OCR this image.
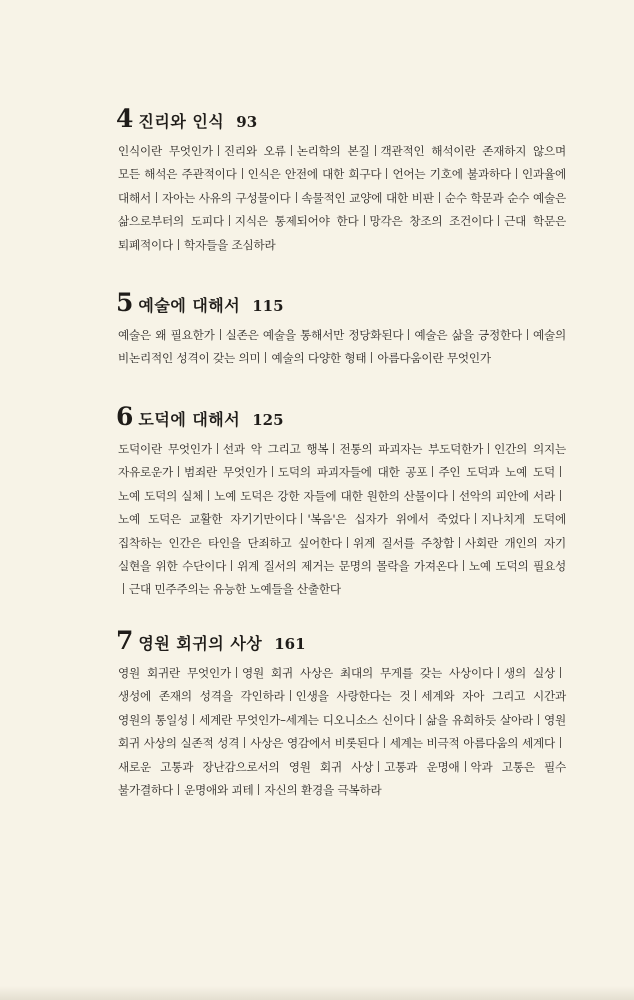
4 진리와 인식 93

인식이란 무엇인가 진리와 오류 논리학의 본질 객관적인 해석이란 존재하지 않으며 모든 해석은 주관적이다 인식은 안전에 대한 희구다 언어는 기호에 불과하다 인과율에 대해서 자아는 사유의 구성물이다 속물적인 교양에 대한 비판 순수 학문과 순수 예술은 삶으로부터의 도피다 지식은 통제되어야 한다 망각은 창조의 조건이다 근대 학문은 퇴폐적이다 학자들을 조심하라

5 예술에 대해서 115

예술은 왜 필요한가 실존은 예술을 통해서만 정당화된다 예술은 삶을 긍정한다 예술의 비논리적인 성격이 갖는 의미 예술의 다양한 형태 아름다움이란 무엇인가

6 도덕에 대해서 125

도덕이란 무엇인가 선과 악 그리고 행복 전통의 파괴자는 부도덕한가 인간의 의지는 자유로운가 범죄란 무엇인가 도덕의 파괴자들에 대한 공포 주인 도덕과 노예 도덕노예 도덕의 실체 노예 도덕은 강한 자들에 대한 원한의 산물이다 선악의 피안에 서라노예 도덕은 교활한 자기기만이다 '복음'은 십자가 위에서 죽었다 지나치게 도덕에 집착하는 인간은 타인을 단죄하고 싶어한다 위계 질서를 주창함 사회란 개인의 자기 실현을 위한 수단이다 위계 질서의 제거는 문명의 몰락을 가져온다 노예 도덕의 필요성근대 민주주의는 유능한 노예들을 산출한다

7 영원 회귀의 사상 161

영원 회귀란 무엇인가 영원 회귀 사상은 최대의 무게를 갖는 사상이다 생의 실상생성에 존재의 성격을 각인하라 인생을 사랑한다는 것 세계와 자아 그리고 시간과 영원의 통일성 세계란 무엇인가–세계는 디오니소스 신이다 삶을 유희하듯 살아라 영원 회귀 사상의 실존적 성격 사상은 영감에서 비롯된다 세계는 비극적 아름다움의 세계다새로운 고통과 장난감으로서의 영원 회귀 사상 고통과 운명애 악과 고통은 필수 불가결하다 운명애와 괴테 자신의 환경을 극복하라
